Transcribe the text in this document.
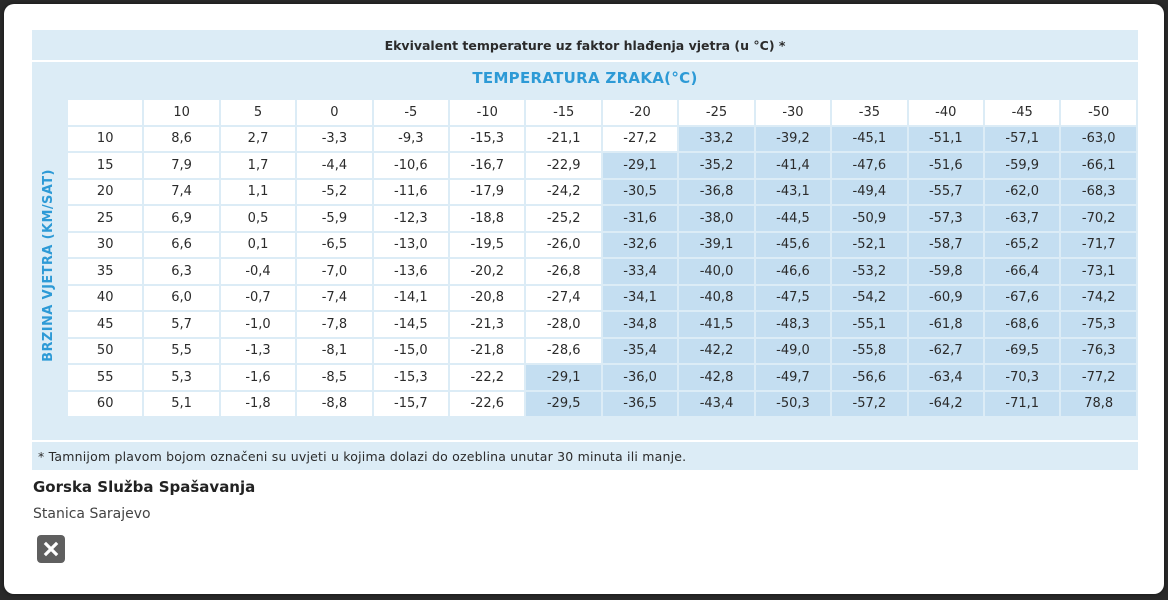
Ekvivalent temperature uz faktor hlađenja vjetra (u °C) *
TEMPERATURA ZRAKA(°C)
BRZINA VJETRA (KM/SAT)
	10	5	0	-5	-10	-15	-20	-25	-30	-35	-40	-45	-50
10	8,6	2,7	-3,3	-9,3	-15,3	-21,1	-27,2	-33,2	-39,2	-45,1	-51,1	-57,1	-63,0
15	7,9	1,7	-4,4	-10,6	-16,7	-22,9	-29,1	-35,2	-41,4	-47,6	-51,6	-59,9	-66,1
20	7,4	1,1	-5,2	-11,6	-17,9	-24,2	-30,5	-36,8	-43,1	-49,4	-55,7	-62,0	-68,3
25	6,9	0,5	-5,9	-12,3	-18,8	-25,2	-31,6	-38,0	-44,5	-50,9	-57,3	-63,7	-70,2
30	6,6	0,1	-6,5	-13,0	-19,5	-26,0	-32,6	-39,1	-45,6	-52,1	-58,7	-65,2	-71,7
35	6,3	-0,4	-7,0	-13,6	-20,2	-26,8	-33,4	-40,0	-46,6	-53,2	-59,8	-66,4	-73,1
40	6,0	-0,7	-7,4	-14,1	-20,8	-27,4	-34,1	-40,8	-47,5	-54,2	-60,9	-67,6	-74,2
45	5,7	-1,0	-7,8	-14,5	-21,3	-28,0	-34,8	-41,5	-48,3	-55,1	-61,8	-68,6	-75,3
50	5,5	-1,3	-8,1	-15,0	-21,8	-28,6	-35,4	-42,2	-49,0	-55,8	-62,7	-69,5	-76,3
55	5,3	-1,6	-8,5	-15,3	-22,2	-29,1	-36,0	-42,8	-49,7	-56,6	-63,4	-70,3	-77,2
60	5,1	-1,8	-8,8	-15,7	-22,6	-29,5	-36,5	-43,4	-50,3	-57,2	-64,2	-71,1	78,8
* Tamnijom plavom bojom označeni su uvjeti u kojima dolazi do ozeblina unutar 30 minuta ili manje.
Gorska Služba Spašavanja
Stanica Sarajevo
